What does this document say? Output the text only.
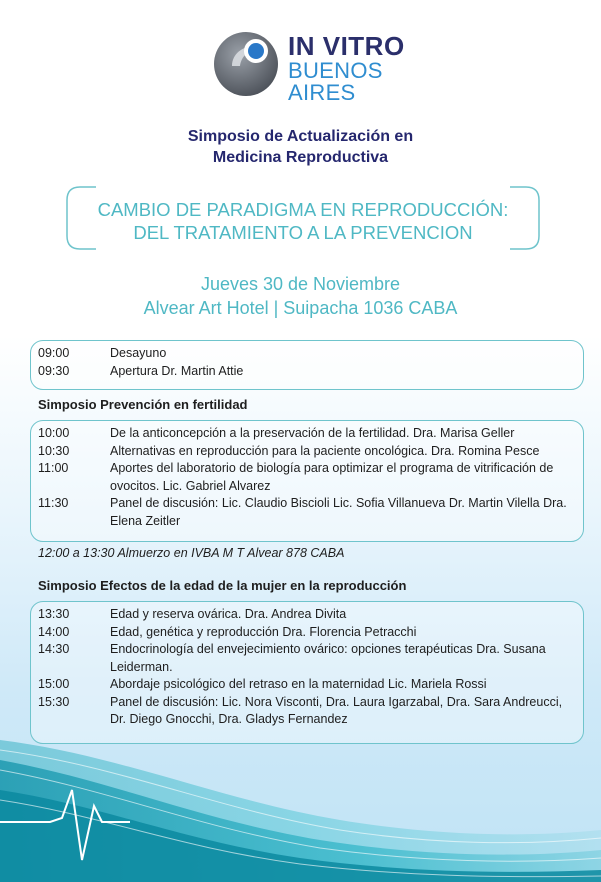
IN VITRO
BUENOS
AIRES
Simposio de Actualización en
Medicina Reproductiva
CAMBIO DE PARADIGMA EN REPRODUCCIÓN:
DEL TRATAMIENTO A LA PREVENCION
Jueves 30 de Noviembre
Alvear Art Hotel | Suipacha 1036 CABA
09:00	Desayuno
09:30	Apertura Dr. Martin Attie
Simposio Prevención en fertilidad
10:00	De la anticoncepción a la preservación de la fertilidad. Dra. Marisa Geller
10:30	Alternativas en reproducción para la paciente oncológica. Dra. Romina Pesce
11:00	Aportes del laboratorio de biología para optimizar el programa de vitrificación de ovocitos. Lic. Gabriel Alvarez
11:30	Panel de discusión: Lic. Claudio Biscioli Lic. Sofia Villanueva Dr. Martin Vilella Dra. Elena Zeitler
12:00 a 13:30 Almuerzo en IVBA M T Alvear 878 CABA
Simposio Efectos de la edad de la mujer en la reproducción
13:30	Edad y reserva ovárica. Dra. Andrea Divita
14:00	Edad, genética y reproducción Dra. Florencia Petracchi
14:30	Endocrinología del envejecimiento ovárico: opciones terapéuticas Dra. Susana Leiderman.
15:00	Abordaje psicológico del retraso en la maternidad Lic. Mariela Rossi
15:30	Panel de discusión: Lic. Nora Visconti, Dra. Laura Igarzabal, Dra. Sara Andreucci, Dr. Diego Gnocchi, Dra. Gladys Fernandez
